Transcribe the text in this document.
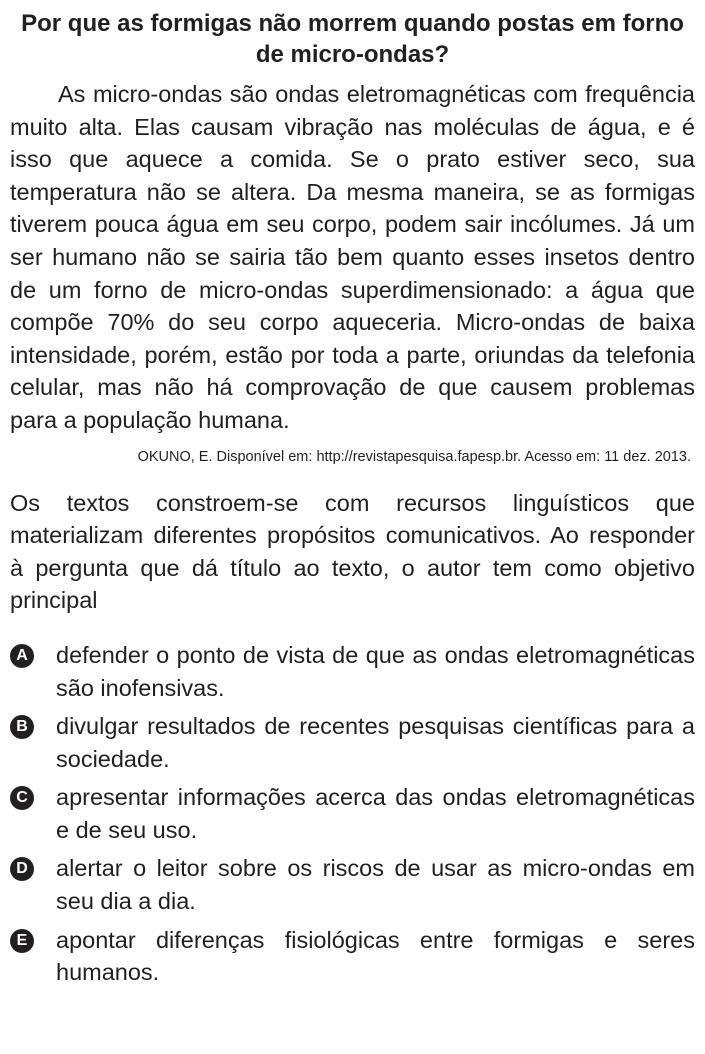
Por que as formigas não morrem quando postas em forno de micro-ondas?

As micro-ondas são ondas eletromagnéticas com frequência muito alta. Elas causam vibração nas moléculas de água, e é isso que aquece a comida. Se o prato estiver seco, sua temperatura não se altera. Da mesma maneira, se as formigas tiverem pouca água em seu corpo, podem sair incólumes. Já um ser humano não se sairia tão bem quanto esses insetos dentro de um forno de micro-ondas superdimensionado: a água que compõe 70% do seu corpo aqueceria. Micro-ondas de baixa intensidade, porém, estão por toda a parte, oriundas da telefonia celular, mas não há comprovação de que causem problemas para a população humana.

OKUNO, E. Disponível em: http://revistapesquisa.fapesp.br. Acesso em: 11 dez. 2013.

Os textos constroem-se com recursos linguísticos que materializam diferentes propósitos comunicativos. Ao responder à pergunta que dá título ao texto, o autor tem como objetivo principal

A defender o ponto de vista de que as ondas eletromagnéticas são inofensivas.
B divulgar resultados de recentes pesquisas científicas para a sociedade.
C apresentar informações acerca das ondas eletromagnéticas e de seu uso.
D alertar o leitor sobre os riscos de usar as micro-ondas em seu dia a dia.
E apontar diferenças fisiológicas entre formigas e seres humanos.
